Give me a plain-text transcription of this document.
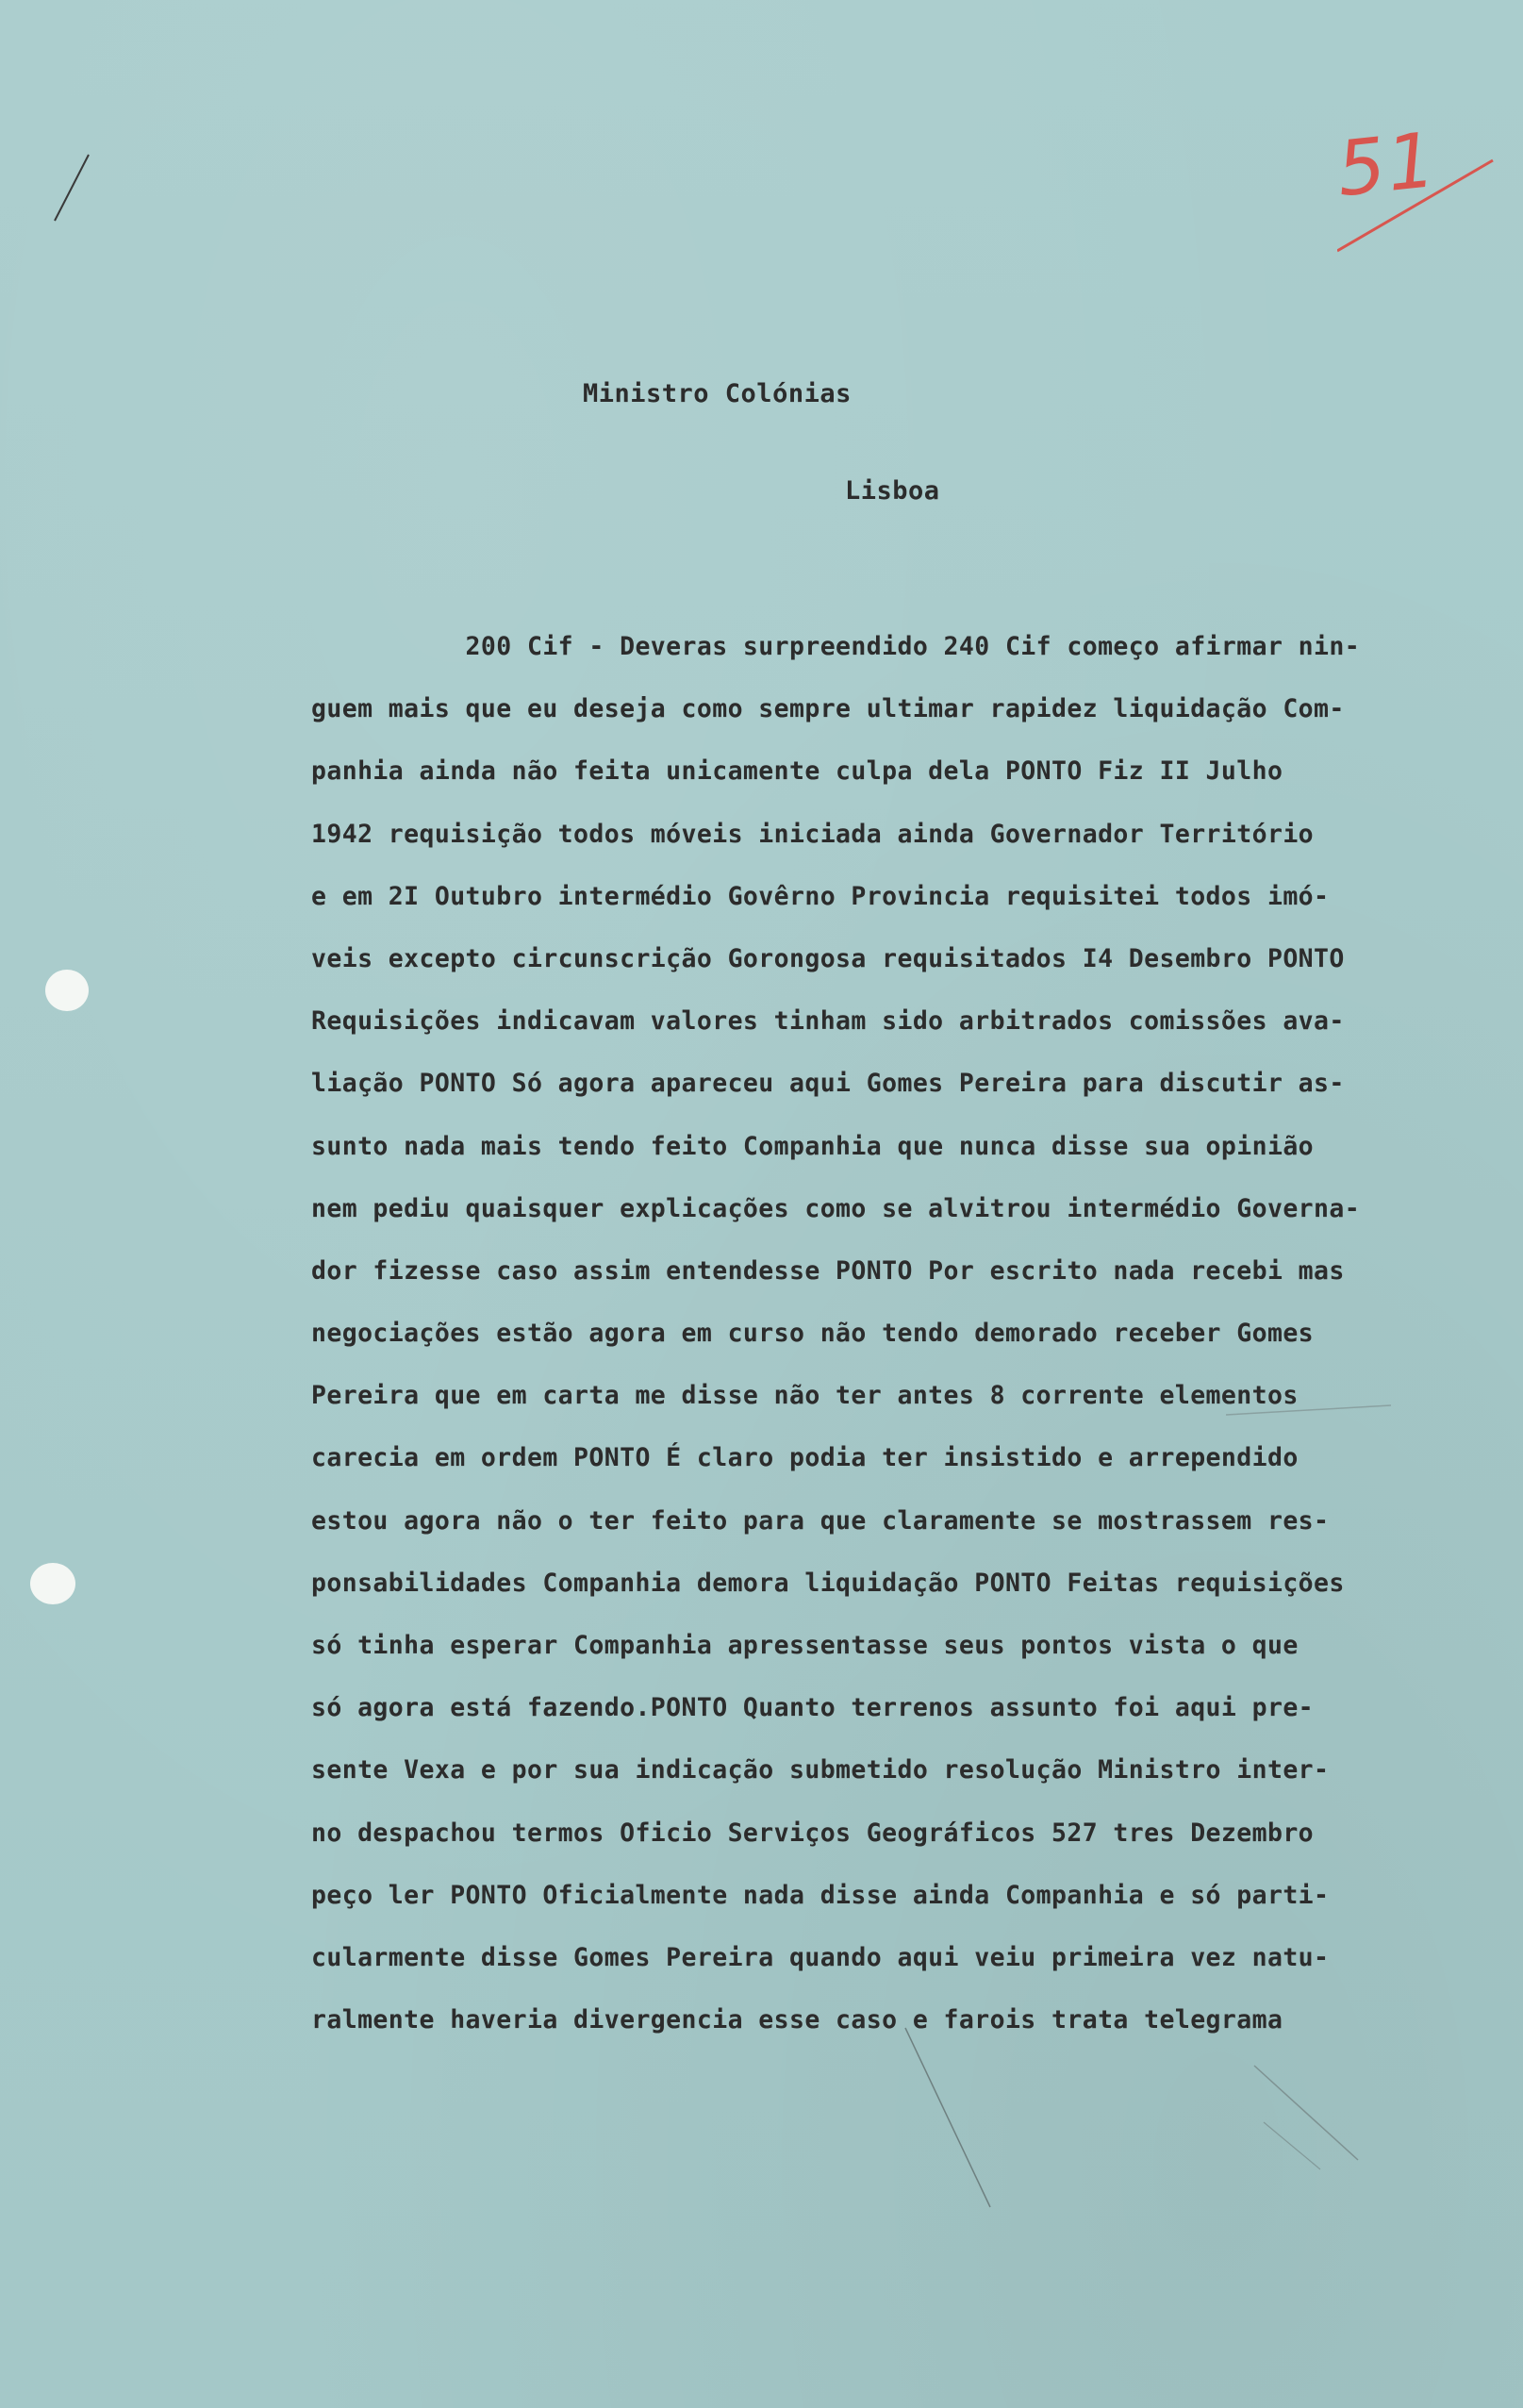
51
Ministro Colónias
Lisboa
200 Cif - Deveras surpreendido 240 Cif começo afirmar nin-
guem mais que eu deseja como sempre ultimar rapidez liquidação Com-
panhia ainda não feita unicamente culpa dela PONTO Fiz II Julho
1942 requisição todos móveis iniciada ainda Governador Território
e em 2I Outubro intermédio Govêrno Provincia requisitei todos imó-
veis excepto circunscrição Gorongosa requisitados I4 Desembro PONTO
Requisições indicavam valores tinham sido arbitrados comissões ava-
liação PONTO Só agora apareceu aqui Gomes Pereira para discutir as-
sunto nada mais tendo feito Companhia que nunca disse sua opinião
nem pediu quaisquer explicações como se alvitrou intermédio Governa-
dor fizesse caso assim entendesse PONTO Por escrito nada recebi mas
negociações estão agora em curso não tendo demorado receber Gomes
Pereira que em carta me disse não ter antes 8 corrente elementos
carecia em ordem PONTO É claro podia ter insistido e arrependido
estou agora não o ter feito para que claramente se mostrassem res-
ponsabilidades Companhia demora liquidação PONTO Feitas requisições
só tinha esperar Companhia apressentasse seus pontos vista o que
só agora está fazendo.PONTO Quanto terrenos assunto foi aqui pre-
sente Vexa e por sua indicação submetido resolução Ministro inter-
no despachou termos Oficio Serviços Geográficos 527 tres Dezembro
peço ler PONTO Oficialmente nada disse ainda Companhia e só parti-
cularmente disse Gomes Pereira quando aqui veiu primeira vez natu-
ralmente haveria divergencia esse caso e farois trata telegrama
